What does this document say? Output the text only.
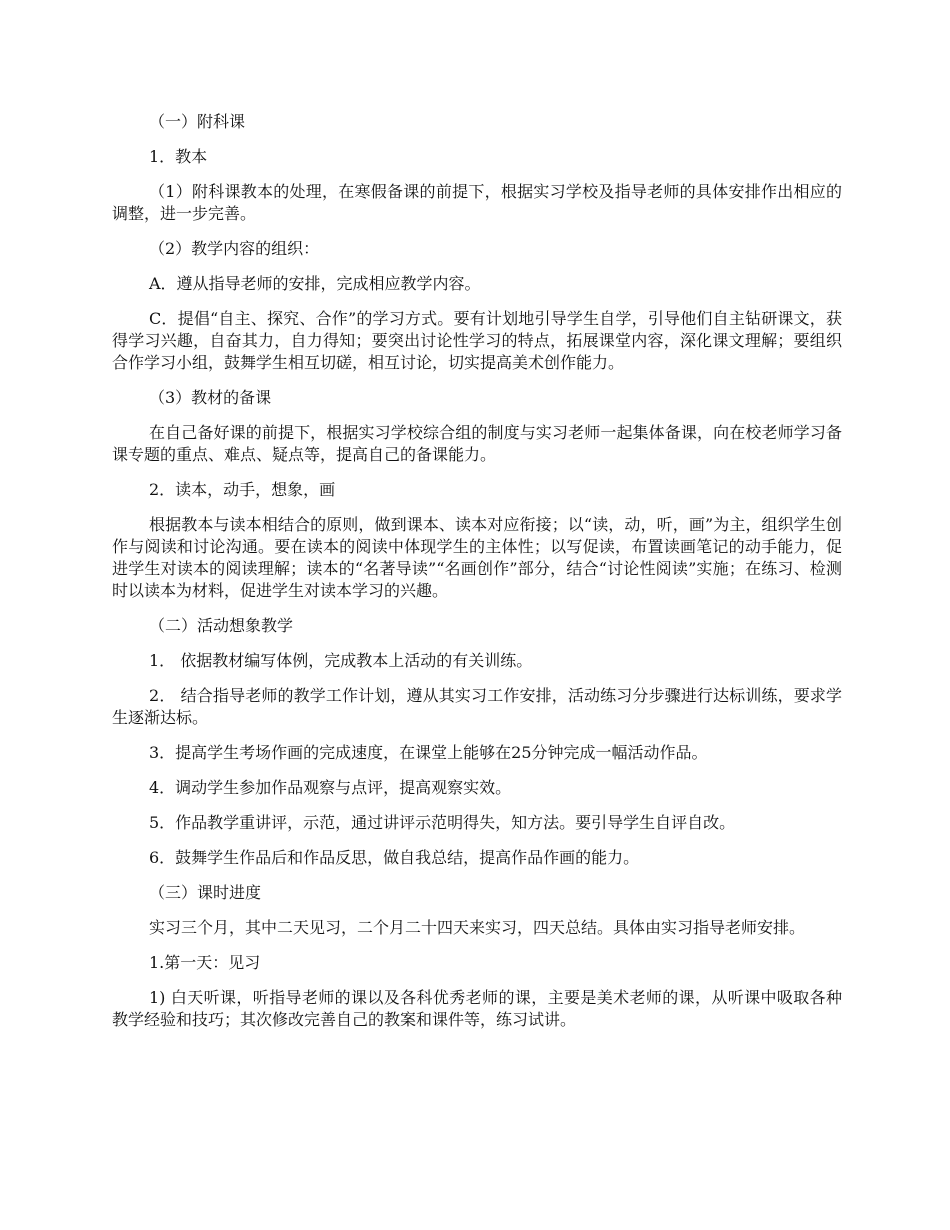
（一）附科课

1．教本

（1）附科课教本的处理，在寒假备课的前提下，根据实习学校及指导老师的具体安排作出相应的调整，进一步完善。

（2）教学内容的组织：

A．遵从指导老师的安排，完成相应教学内容。

C．提倡“自主、探究、合作”的学习方式。要有计划地引导学生自学，引导他们自主钻研课文，获得学习兴趣，自奋其力，自力得知；要突出讨论性学习的特点，拓展课堂内容，深化课文理解；要组织合作学习小组，鼓舞学生相互切磋，相互讨论，切实提高美术创作能力。

（3）教材的备课

在自己备好课的前提下，根据实习学校综合组的制度与实习老师一起集体备课，向在校老师学习备课专题的重点、难点、疑点等，提高自己的备课能力。

2．读本，动手，想象，画

根据教本与读本相结合的原则，做到课本、读本对应衔接；以“读，动，听，画”为主，组织学生创作与阅读和讨论沟通。要在读本的阅读中体现学生的主体性；以写促读，布置读画笔记的动手能力，促进学生对读本的阅读理解；读本的“名著导读”“名画创作”部分，结合“讨论性阅读”实施；在练习、检测时以读本为材料，促进学生对读本学习的兴趣。

（二）活动想象教学

1． 依据教材编写体例，完成教本上活动的有关训练。

2． 结合指导老师的教学工作计划，遵从其实习工作安排，活动练习分步骤进行达标训练，要求学生逐渐达标。

3．提高学生考场作画的完成速度，在课堂上能够在25分钟完成一幅活动作品。

4．调动学生参加作品观察与点评，提高观察实效。

5．作品教学重讲评，示范，通过讲评示范明得失，知方法。要引导学生自评自改。

6．鼓舞学生作品后和作品反思，做自我总结，提高作品作画的能力。

（三）课时进度

实习三个月，其中二天见习，二个月二十四天来实习，四天总结。具体由实习指导老师安排。

1.第一天：见习

1) 白天听课，听指导老师的课以及各科优秀老师的课，主要是美术老师的课，从听课中吸取各种教学经验和技巧；其次修改完善自己的教案和课件等，练习试讲。
